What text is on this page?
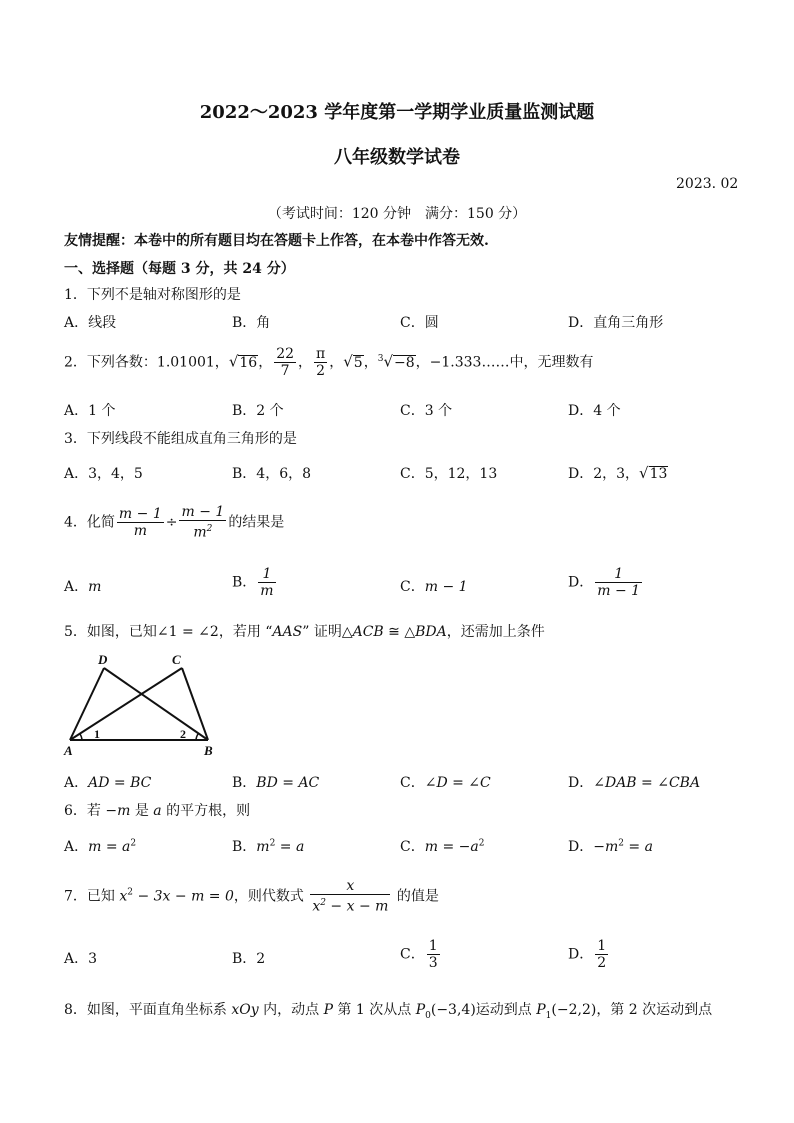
2022～2023 学年度第一学期学业质量监测试题
八年级数学试卷
2023. 02
（考试时间：120 分钟　满分：150 分）
友情提醒：本卷中的所有题目均在答题卡上作答，在本卷中作答无效.
一、选择题（每题 3 分，共 24 分）
1．下列不是轴对称图形的是
A．线段	B．角	C．圆	D．直角三角形
2．下列各数：1.01001，√16， $\frac{22}{7}$ ， $\frac{\pi}{2}$ ，√5，$^3$√−8，−1.333……中，无理数有
A．1 个	B．2 个	C．3 个	D．4 个
3．下列线段不能组成直角三角形的是
A．3，4，5	B．4，6，8	C．5，12，13	D．2，3，√13
4．化简 $\frac{m - 1}{m} \div \frac{m - 1}{m^2}$ 的结果是
A．m	B． $\frac{1}{m}$	C．m − 1	D． $\frac{1}{m - 1}$
5．如图，已知∠1 = ∠2，若用 “AAS” 证明△ACB ≅ △BDA，还需加上条件
D	C
A	B
1	2
A．AD = BC	B．BD = AC	C．∠D = ∠C	D．∠DAB = ∠CBA
6．若 −m 是 a 的平方根，则
A．$m = a^2$	B．$m^2 = a$	C．$m = -a^2$	D．$-m^2 = a$
7．已知 $x^2 - 3x - m = 0$，则代数式 $\frac{x}{x^2 - x - m}$ 的值是
A．3	B．2	C． $\frac{1}{3}$	D． $\frac{1}{2}$
8．如图，平面直角坐标系 xOy 内，动点 P 第 1 次从点 $P_0(-3,4)$运动到点 $P_1(-2,2)$，第 2 次运动到点
